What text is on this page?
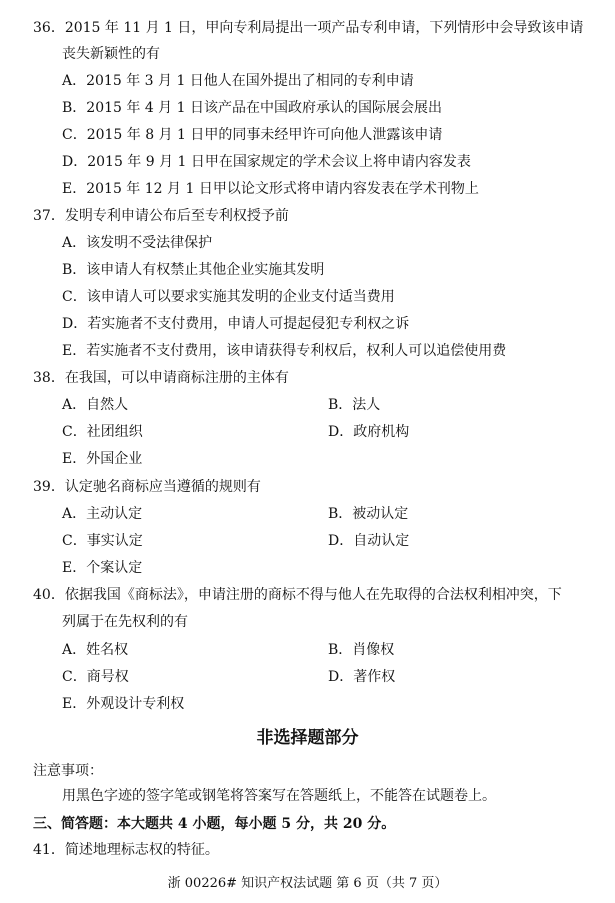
36．2015 年 11 月 1 日，甲向专利局提出一项产品专利申请，下列情形中会导致该申请
丧失新颖性的有
A．2015 年 3 月 1 日他人在国外提出了相同的专利申请
B．2015 年 4 月 1 日该产品在中国政府承认的国际展会展出
C．2015 年 8 月 1 日甲的同事未经甲许可向他人泄露该申请
D．2015 年 9 月 1 日甲在国家规定的学术会议上将申请内容发表
E．2015 年 12 月 1 日甲以论文形式将申请内容发表在学术刊物上
37．发明专利申请公布后至专利权授予前
A．该发明不受法律保护
B．该申请人有权禁止其他企业实施其发明
C．该申请人可以要求实施其发明的企业支付适当费用
D．若实施者不支付费用，申请人可提起侵犯专利权之诉
E．若实施者不支付费用，该申请获得专利权后，权利人可以追偿使用费
38．在我国，可以申请商标注册的主体有
A．自然人	B．法人
C．社团组织	D．政府机构
E．外国企业
39．认定驰名商标应当遵循的规则有
A．主动认定	B．被动认定
C．事实认定	D．自动认定
E．个案认定
40．依据我国《商标法》，申请注册的商标不得与他人在先取得的合法权利相冲突，下
列属于在先权利的有
A．姓名权	B．肖像权
C．商号权	D．著作权
E．外观设计专利权
非选择题部分
注意事项：
用黑色字迹的签字笔或钢笔将答案写在答题纸上，不能答在试题卷上。
三、简答题：本大题共 4 小题，每小题 5 分，共 20 分。
41．简述地理标志权的特征。
浙 00226# 知识产权法试题 第 6 页（共 7 页）
